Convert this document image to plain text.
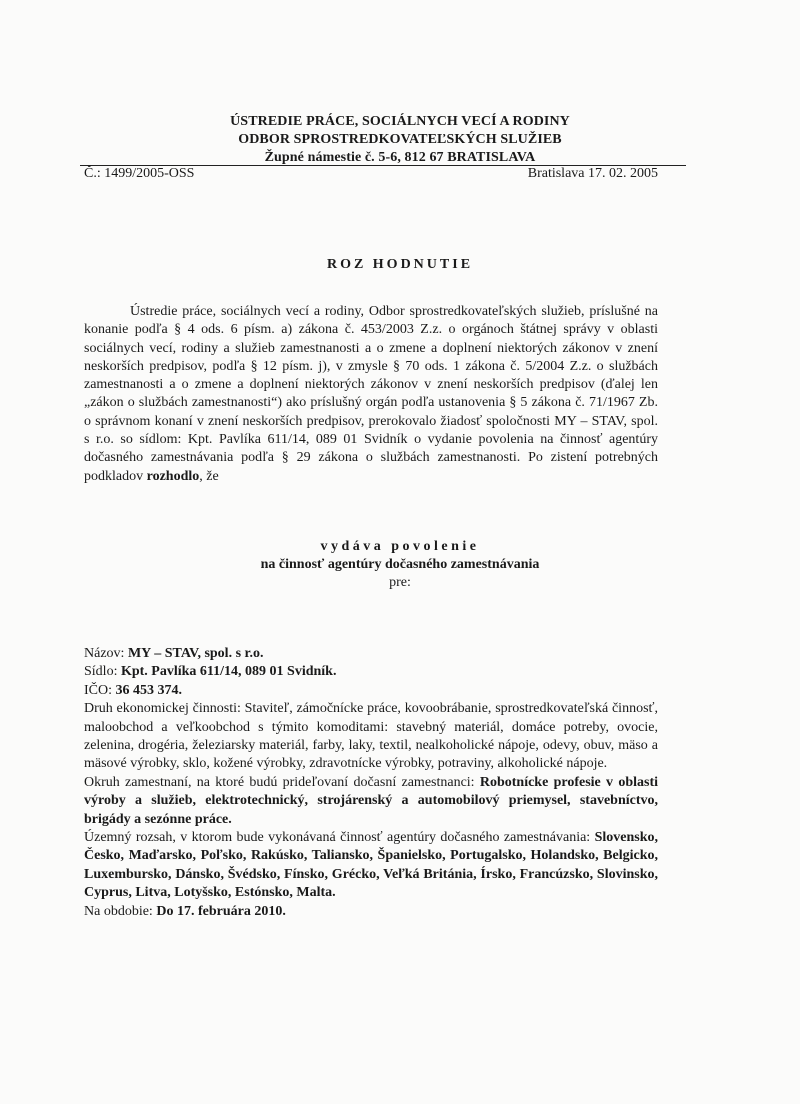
ÚSTREDIE PRÁCE, SOCIÁLNYCH VECÍ A RODINY
ODBOR SPROSTREDKOVATEĽSKÝCH SLUŽIEB
Župné námestie č. 5-6, 812 67 BRATISLAVA
Č.: 1499/2005-OSS	Bratislava 17. 02. 2005
ROZ HODNUTIE
Ústredie práce, sociálnych vecí a rodiny, Odbor sprostredkovateľských služieb, príslušné na konanie podľa § 4 ods. 6 písm. a) zákona č. 453/2003 Z.z. o orgánoch štátnej správy v oblasti sociálnych vecí, rodiny a služieb zamestnanosti a o zmene a doplnení niektorých zákonov v znení neskorších predpisov, podľa § 12 písm. j), v zmysle § 70 ods. 1 zákona č. 5/2004 Z.z. o službách zamestnanosti a o zmene a doplnení niektorých zákonov v znení neskorších predpisov (ďalej len „zákon o službách zamestnanosti“) ako príslušný orgán podľa ustanovenia § 5 zákona č. 71/1967 Zb. o správnom konaní v znení neskorších predpisov, prerokovalo žiadosť spoločnosti MY – STAV, spol. s r.o. so sídlom: Kpt. Pavlíka 611/14, 089 01 Svidník o vydanie povolenia na činnosť agentúry dočasného zamestnávania podľa § 29 zákona o službách zamestnanosti. Po zistení potrebných podkladov rozhodlo, že
vydáva povolenie
na činnosť agentúry dočasného zamestnávania
pre:

Názov: MY – STAV, spol. s r.o.

Sídlo: Kpt. Pavlíka 611/14, 089 01 Svidník.

IČO: 36 453 374.

Druh ekonomickej činnosti: Staviteľ, zámočnícke práce, kovoobrábanie, sprostredkovateľská činnosť, maloobchod a veľkoobchod s týmito komoditami: stavebný materiál, domáce potreby, ovocie, zelenina, drogéria, železiarsky materiál, farby, laky, textil, nealkoholické nápoje, odevy, obuv, mäso a mäsové výrobky, sklo, kožené výrobky, zdravotnícke výrobky, potraviny, alkoholické nápoje.

Okruh zamestnaní, na ktoré budú prideľovaní dočasní zamestnanci: Robotnícke profesie v oblasti výroby a služieb, elektrotechnický, strojárenský a automobilový priemysel, stavebníctvo, brigády a sezónne práce.

Územný rozsah, v ktorom bude vykonávaná činnosť agentúry dočasného zamestnávania: Slovensko, Česko, Maďarsko, Poľsko, Rakúsko, Taliansko, Španielsko, Portugalsko, Holandsko, Belgicko, Luxembursko, Dánsko, Švédsko, Fínsko, Grécko, Veľká Británia, Írsko, Francúzsko, Slovinsko, Cyprus, Litva, Lotyšsko, Estónsko, Malta.

Na obdobie: Do 17. februára 2010.
